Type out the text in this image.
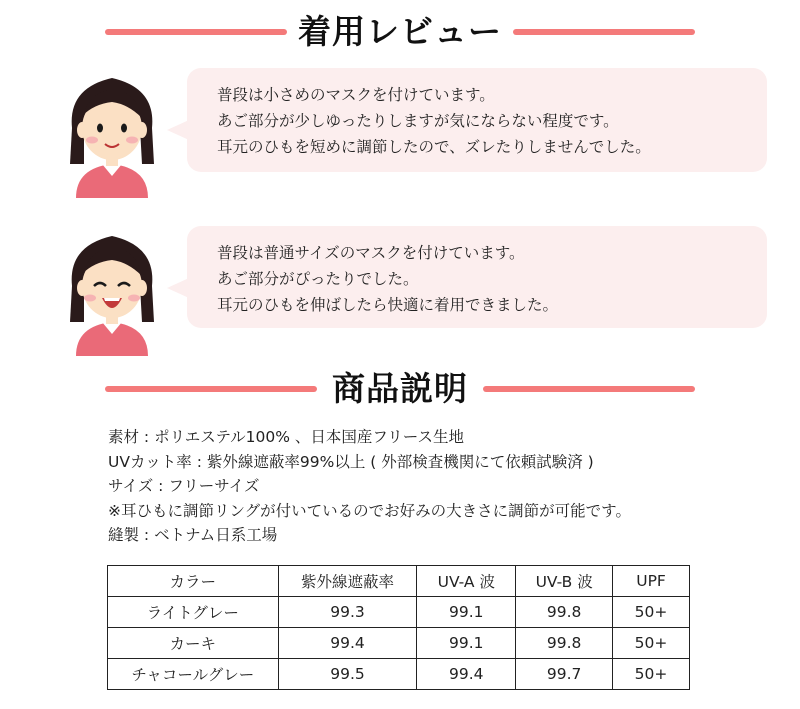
着用レビュー

普段は小さめのマスクを付けています。

あご部分が少しゆったりしますが気にならない程度です。

耳元のひもを短めに調節したので、ズレたりしませんでした。

普段は普通サイズのマスクを付けています。

あご部分がぴったりでした。

耳元のひもを伸ばしたら快適に着用できました。

商品説明

素材 : ポリエステル100% 、日本国産フリース生地

UVカット率 : 紫外線遮蔽率99%以上 ( 外部検査機関にて依頼試験済 )

サイズ : フリーサイズ

※耳ひもに調節リングが付いているのでお好みの大きさに調節が可能です。

縫製 : ベトナム日系工場

カラー	紫外線遮蔽率	UV-A 波	UV-B 波	UPF
ライトグレー	99.3	99.1	99.8	50+
カーキ	99.4	99.1	99.8	50+
チャコールグレー	99.5	99.4	99.7	50+
